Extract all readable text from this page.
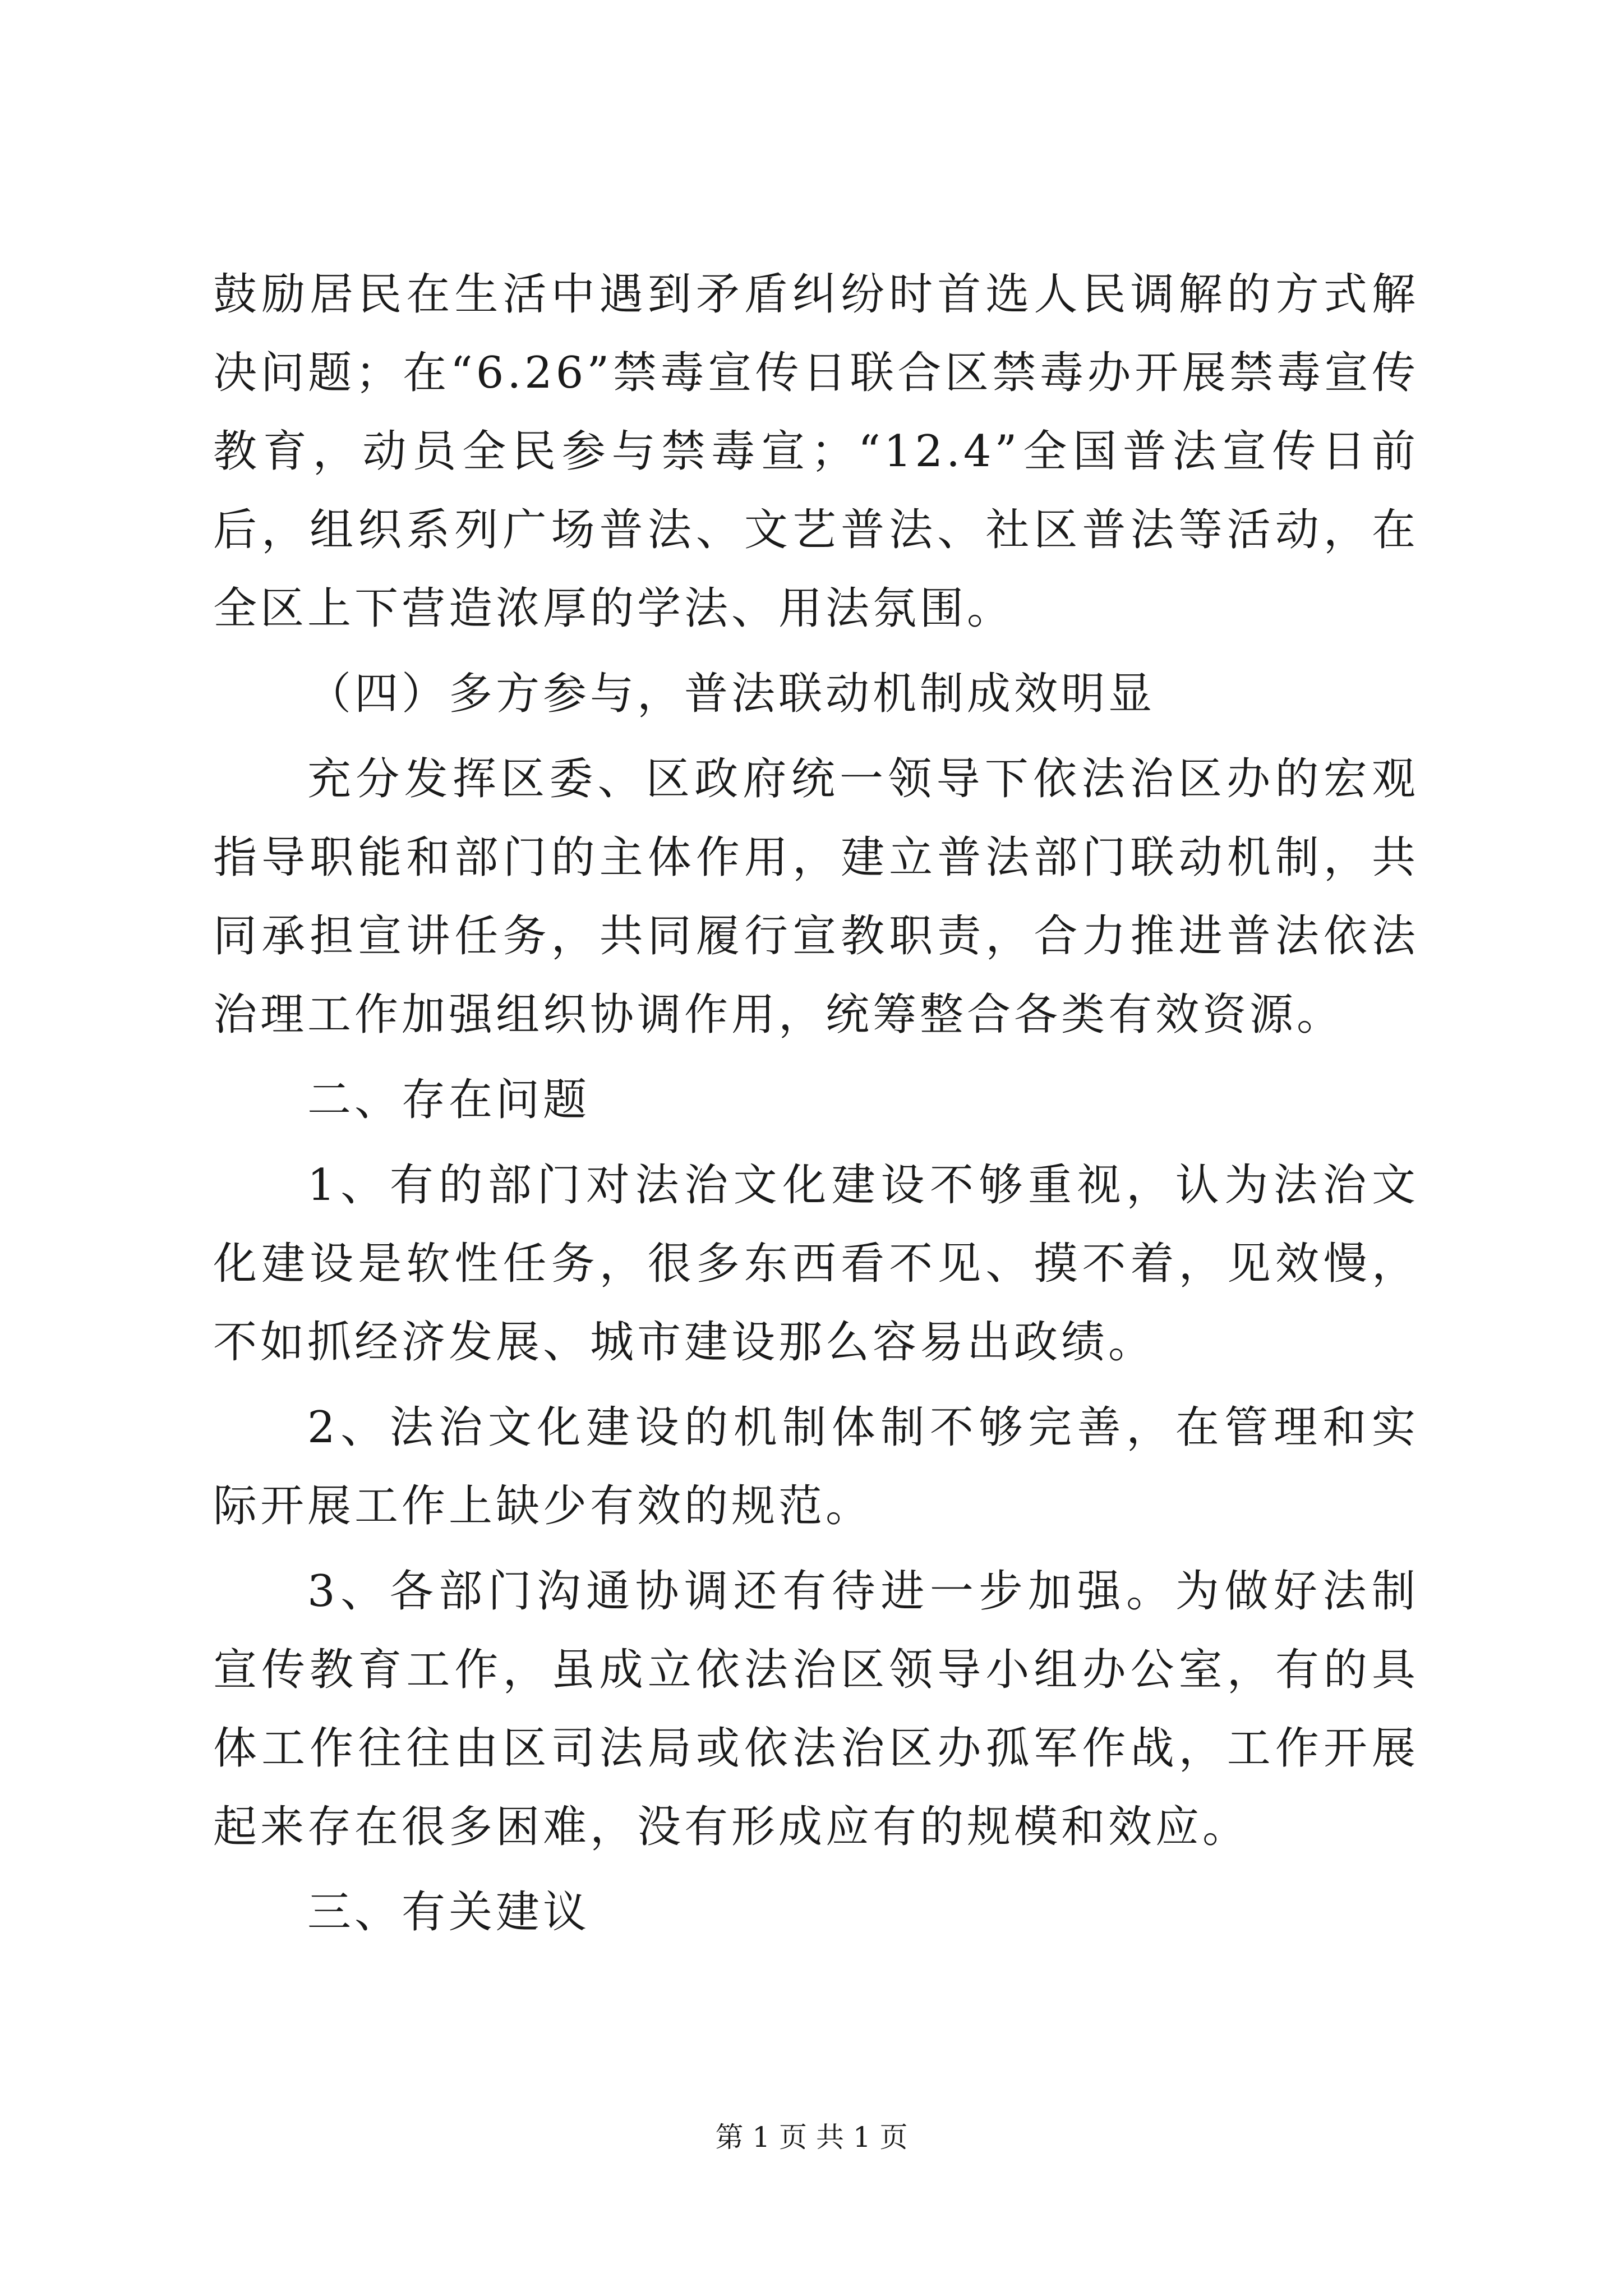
鼓励居民在生活中遇到矛盾纠纷时首选人民调解的方式解决问题；在“6.26”禁毒宣传日联合区禁毒办开展禁毒宣传教育，动员全民参与禁毒宣；“12.4”全国普法宣传日前后，组织系列广场普法、文艺普法、社区普法等活动，在全区上下营造浓厚的学法、用法氛围。

（四）多方参与，普法联动机制成效明显

充分发挥区委、区政府统一领导下依法治区办的宏观指导职能和部门的主体作用，建立普法部门联动机制，共同承担宣讲任务，共同履行宣教职责，合力推进普法依法治理工作加强组织协调作用，统筹整合各类有效资源。

二、存在问题

1、有的部门对法治文化建设不够重视，认为法治文化建设是软性任务，很多东西看不见、摸不着，见效慢，不如抓经济发展、城市建设那么容易出政绩。

2、法治文化建设的机制体制不够完善，在管理和实际开展工作上缺少有效的规范。

3、各部门沟通协调还有待进一步加强。为做好法制宣传教育工作，虽成立依法治区领导小组办公室，有的具体工作往往由区司法局或依法治区办孤军作战，工作开展起来存在很多困难，没有形成应有的规模和效应。

三、有关建议

第 1 页 共 1 页
